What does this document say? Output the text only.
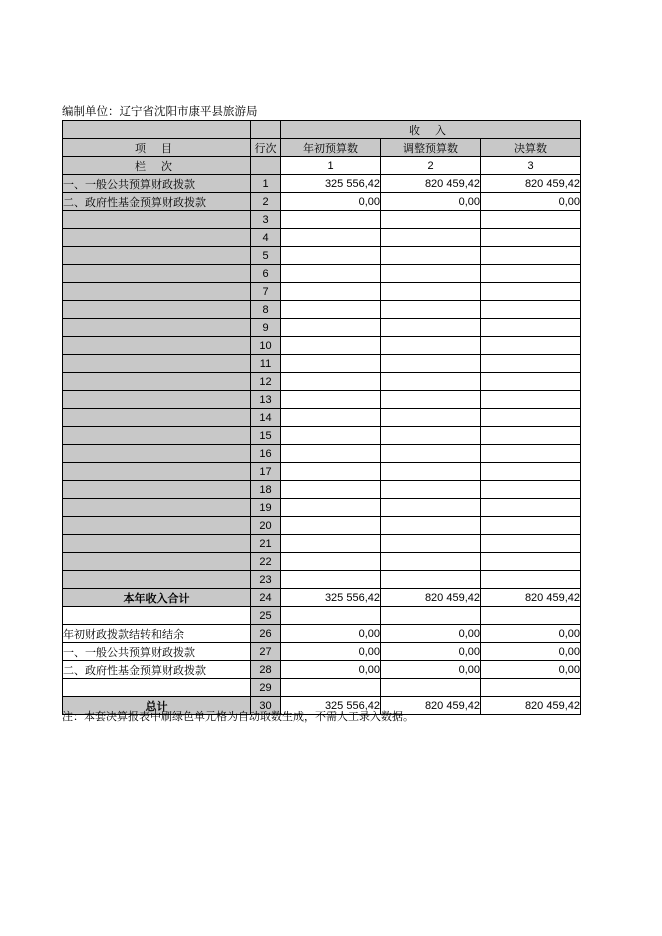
编制单位：辽宁省沈阳市康平县旅游局
		收 入		
项 目	行次	年初预算数	调整预算数	决算数
栏 次		1	2	3
一、一般公共预算财政拨款	1	325 556,42	820 459,42	820 459,42
二、政府性基金预算财政拨款	2	0,00	0,00	0,00
	3			
	4			
	5			
	6			
	7			
	8			
	9			
	10			
	11			
	12			
	13			
	14			
	15			
	16			
	17			
	18			
	19			
	20			
	21			
	22			
	23			
本年收入合计	24	325 556,42	820 459,42	820 459,42
	25			
年初财政拨款结转和结余	26	0,00	0,00	0,00
一、一般公共预算财政拨款	27	0,00	0,00	0,00
二、政府性基金预算财政拨款	28	0,00	0,00	0,00
	29			
总计	30	325 556,42	820 459,42	820 459,42
注：本套决算报表中刷绿色单元格为自动取数生成，不需人工录入数据。
